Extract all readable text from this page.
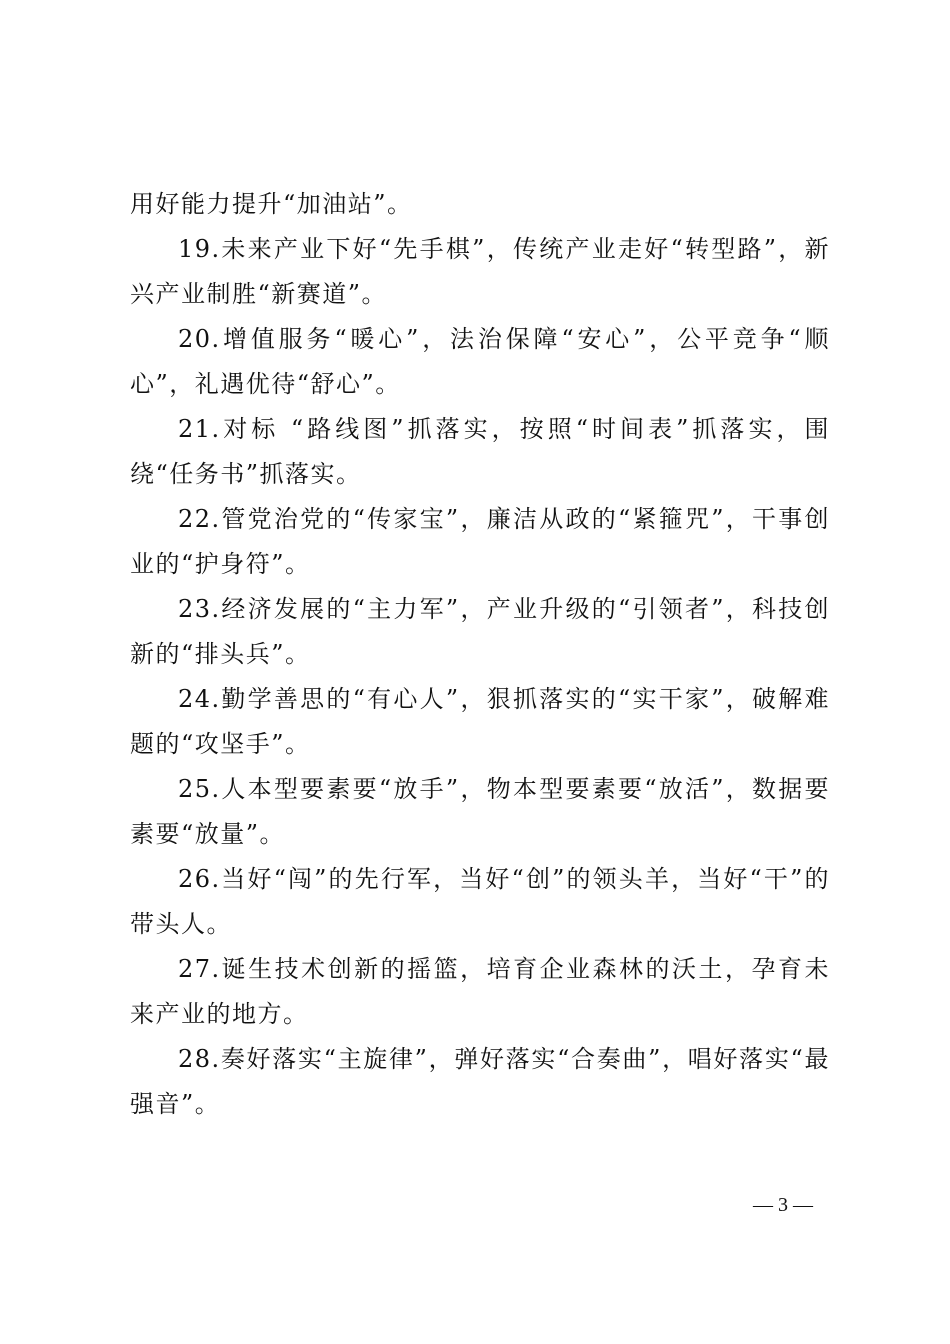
用好能力提升“加油站”。

19.未来产业下好“先手棋”，传统产业走好“转型路”，新兴产业制胜“新赛道”。

20.增值服务“暖心”，法治保障“安心”，公平竞争“顺心”，礼遇优待“舒心”。

21.对标 “路线图”抓落实，按照“时间表”抓落实，围绕“任务书”抓落实。

22.管党治党的“传家宝”，廉洁从政的“紧箍咒”，干事创业的“护身符”。

23.经济发展的“主力军”，产业升级的“引领者”，科技创新的“排头兵”。

24.勤学善思的“有心人”，狠抓落实的“实干家”，破解难题的“攻坚手”。

25.人本型要素要“放手”，物本型要素要“放活”，数据要素要“放量”。

26.当好“闯”的先行军，当好“创”的领头羊，当好“干”的带头人。

27.诞生技术创新的摇篮，培育企业森林的沃土，孕育未来产业的地方。

28.奏好落实“主旋律”，弹好落实“合奏曲”，唱好落实“最强音”。

— 3 —
